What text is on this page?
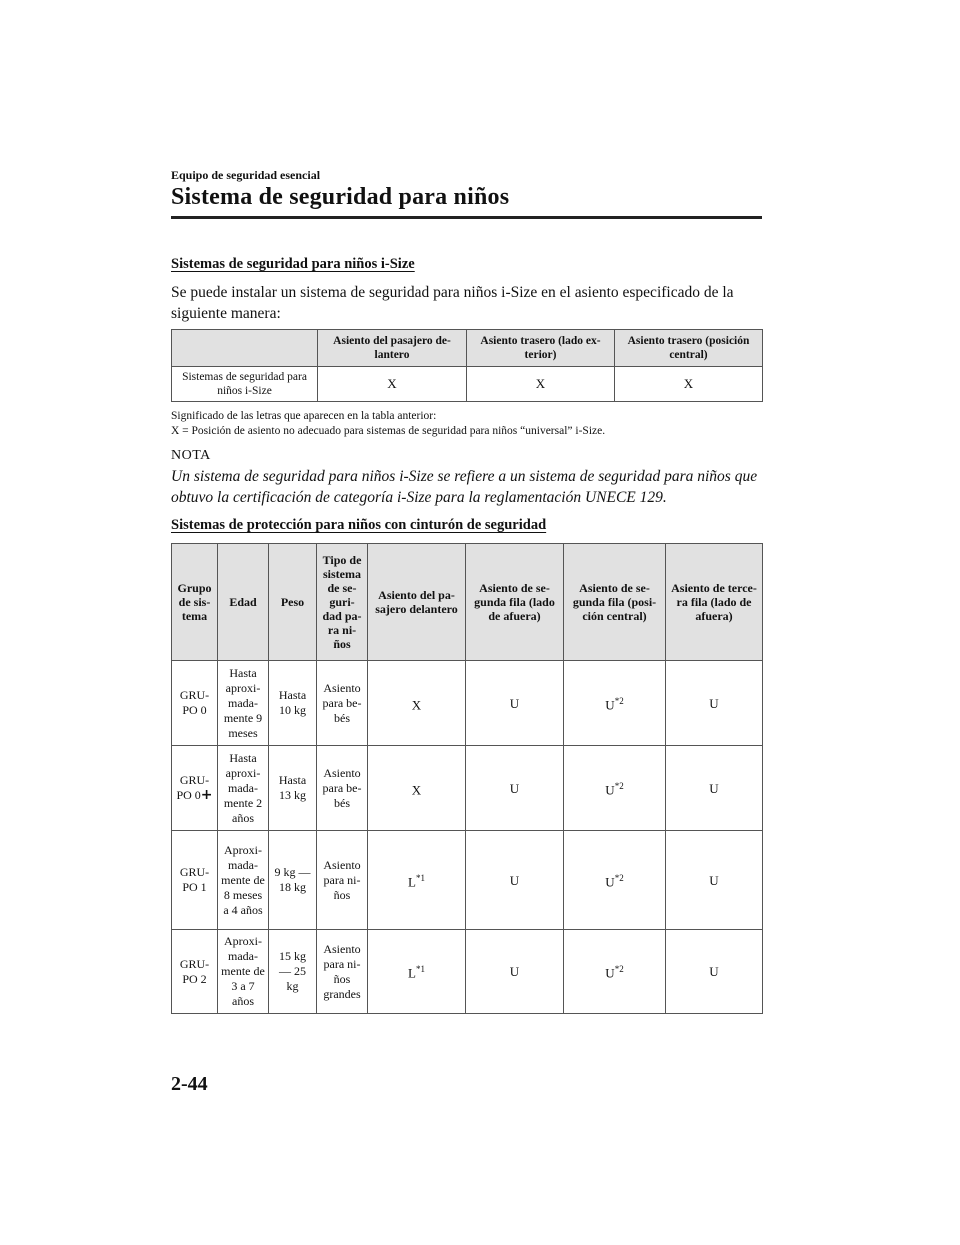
Equipo de seguridad esencial
Sistema de seguridad para niños
Sistemas de seguridad para niños i-Size
Se puede instalar un sistema de seguridad para niños i-Size en el asiento especificado de la siguiente manera:
	Asiento del pasajero de-lantero	Asiento trasero (lado ex-terior)	Asiento trasero (posición central)
Sistemas de seguridad para niños i-Size	X	X	X
Significado de las letras que aparecen en la tabla anterior:
X = Posición de asiento no adecuado para sistemas de seguridad para niños “universal” i-Size.
NOTA
Un sistema de seguridad para niños i-Size se refiere a un sistema de seguridad para niños que obtuvo la certificación de categoría i-Size para la reglamentación UNECE 129.
Sistemas de protección para niños con cinturón de seguridad
Grupo de sis-tema	Edad	Peso	Tipo de sistema de se-guri-dad pa-ra ni-ños	Asiento del pa-sajero delantero	Asiento de se-gunda fila (lado de afuera)	Asiento de se-gunda fila (posi-ción central)	Asiento de terce-ra fila (lado de afuera)
GRU-PO 0	Hasta aproxi-mada-mente 9 meses	Hasta 10 kg	Asiento para be-bés	X	U	$U^{*2}$	U
GRU-PO 0+	Hasta aproxi-mada-mente 2 años	Hasta 13 kg	Asiento para be-bés	X	U	$U^{*2}$	U
GRU-PO 1	Aproxi-mada-mente de 8 meses a 4 años	9 kg ― 18 kg	Asiento para ni-ños	$L^{*1}$	U	$U^{*2}$	U
GRU-PO 2	Aproxi-mada-mente de 3 a 7 años	15 kg ― 25 kg	Asiento para ni-ños grandes	$L^{*1}$	U	$U^{*2}$	U
2-44
